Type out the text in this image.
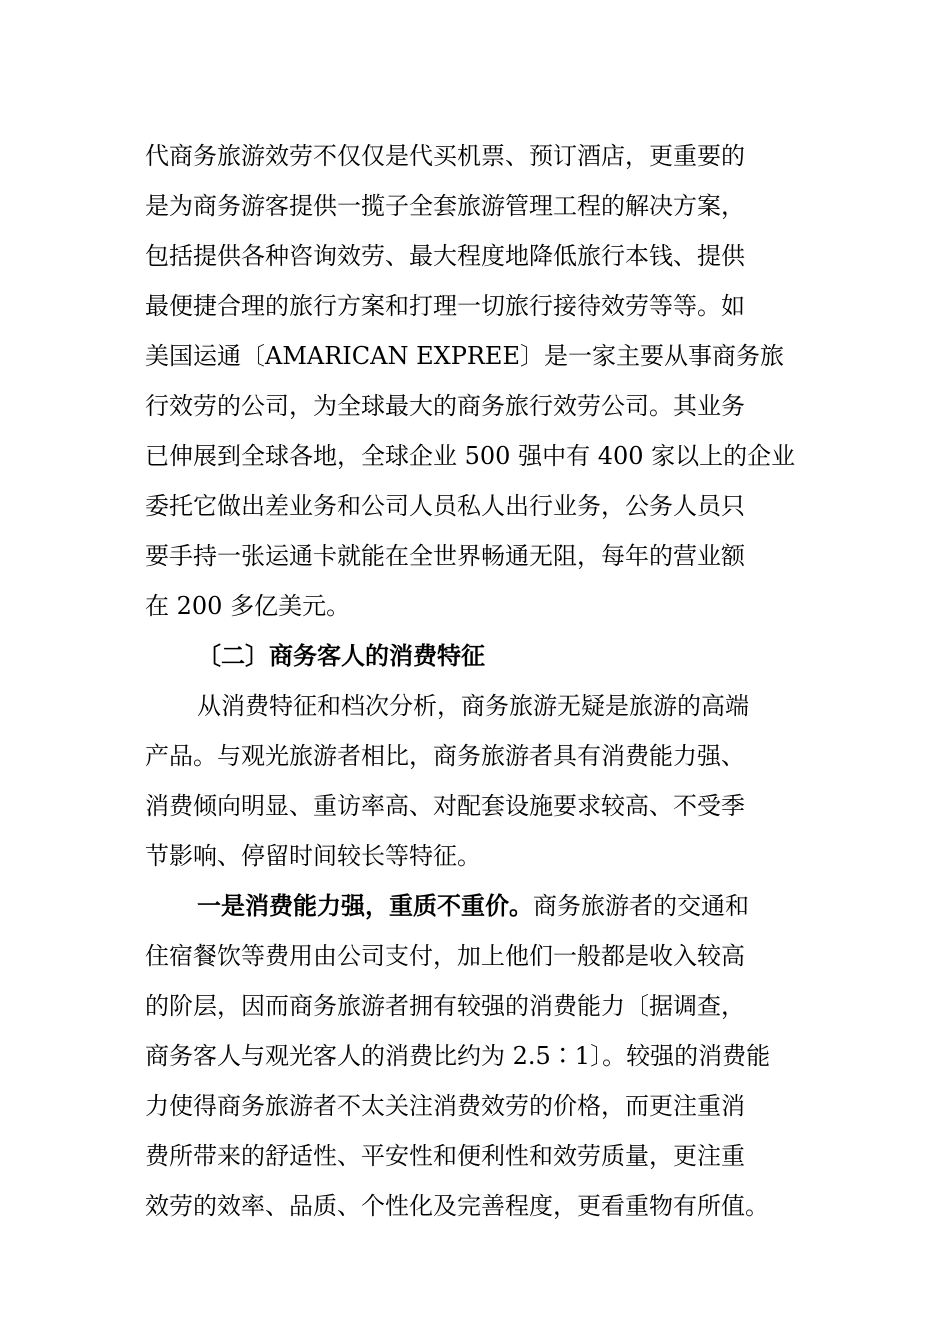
代商务旅游效劳不仅仅是代买机票、预订酒店，更重要的
是为商务游客提供一揽子全套旅游管理工程的解决方案，
包括提供各种咨询效劳、最大程度地降低旅行本钱、提供
最便捷合理的旅行方案和打理一切旅行接待效劳等等。如
美国运通〔AMARICAN EXPREE〕是一家主要从事商务旅
行效劳的公司，为全球最大的商务旅行效劳公司。其业务
已伸展到全球各地，全球企业 500 强中有 400 家以上的企业
委托它做出差业务和公司人员私人出行业务，公务人员只
要手持一张运通卡就能在全世界畅通无阻，每年的营业额
在 200 多亿美元。
〔二〕商务客人的消费特征
从消费特征和档次分析，商务旅游无疑是旅游的高端
产品。与观光旅游者相比，商务旅游者具有消费能力强、
消费倾向明显、重访率高、对配套设施要求较高、不受季
节影响、停留时间较长等特征。
一是消费能力强，重质不重价。商务旅游者的交通和
住宿餐饮等费用由公司支付，加上他们一般都是收入较高
的阶层，因而商务旅游者拥有较强的消费能力〔据调查，
商务客人与观光客人的消费比约为 2.5∶1〕。较强的消费能
力使得商务旅游者不太关注消费效劳的价格，而更注重消
费所带来的舒适性、平安性和便利性和效劳质量，更注重
效劳的效率、品质、个性化及完善程度，更看重物有所值。
